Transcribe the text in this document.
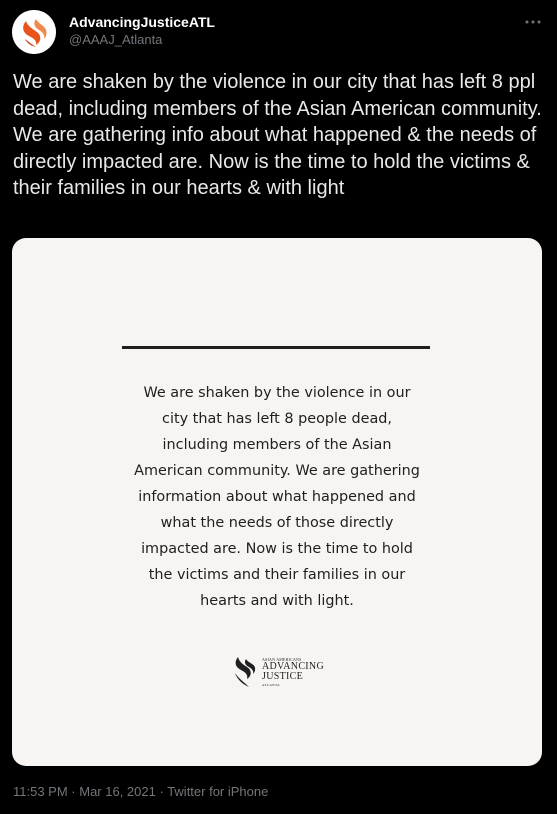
AdvancingJusticeATL
@AAAJ_Atlanta
We are shaken by the violence in our city that has left 8 ppl dead, including members of the Asian American community. We are gathering info about what happened & the needs of directly impacted are. Now is the time to hold the victims & their families in our hearts & with light
We are shaken by the violence in our
city that has left 8 people dead,
including members of the Asian
American community. We are gathering
information about what happened and
what the needs of those directly
impacted are. Now is the time to hold
the victims and their families in our
hearts and with light.
ASIAN AMERICANS
ADVANCING
JUSTICE
ATLANTA
11:53 PM · Mar 16, 2021 · Twitter for iPhone
